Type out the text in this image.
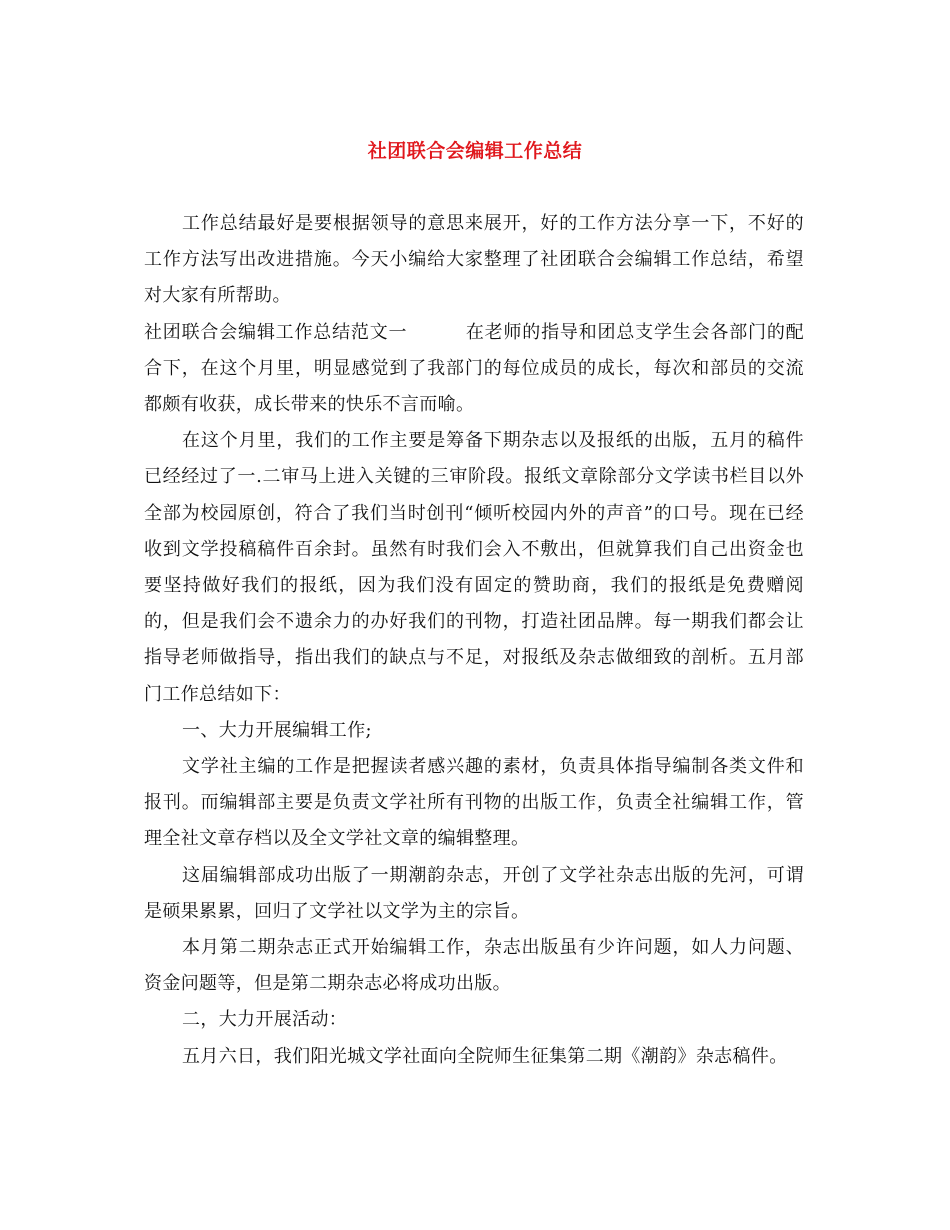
社团联合会编辑工作总结

工作总结最好是要根据领导的意思来展开，好的工作方法分享一下，不好的工作方法写出改进措施。今天小编给大家整理了社团联合会编辑工作总结，希望对大家有所帮助。

社团联合会编辑工作总结范文一	在老师的指导和团总支学生会各部门的配合下，在这个月里，明显感觉到了我部门的每位成员的成长，每次和部员的交流都颇有收获，成长带来的快乐不言而喻。

在这个月里，我们的工作主要是筹备下期杂志以及报纸的出版，五月的稿件已经经过了一.二审马上进入关键的三审阶段。报纸文章除部分文学读书栏目以外全部为校园原创，符合了我们当时创刊“倾听校园内外的声音”的口号。现在已经收到文学投稿稿件百余封。虽然有时我们会入不敷出，但就算我们自己出资金也要坚持做好我们的报纸，因为我们没有固定的赞助商，我们的报纸是免费赠阅的，但是我们会不遗余力的办好我们的刊物，打造社团品牌。每一期我们都会让指导老师做指导，指出我们的缺点与不足，对报纸及杂志做细致的剖析。五月部门工作总结如下：

一、大力开展编辑工作;

文学社主编的工作是把握读者感兴趣的素材，负责具体指导编制各类文件和报刊。而编辑部主要是负责文学社所有刊物的出版工作，负责全社编辑工作，管理全社文章存档以及全文学社文章的编辑整理。

这届编辑部成功出版了一期潮韵杂志，开创了文学社杂志出版的先河，可谓是硕果累累，回归了文学社以文学为主的宗旨。

本月第二期杂志正式开始编辑工作，杂志出版虽有少许问题，如人力问题、资金问题等，但是第二期杂志必将成功出版。

二，大力开展活动：

五月六日，我们阳光城文学社面向全院师生征集第二期《潮韵》杂志稿件。
